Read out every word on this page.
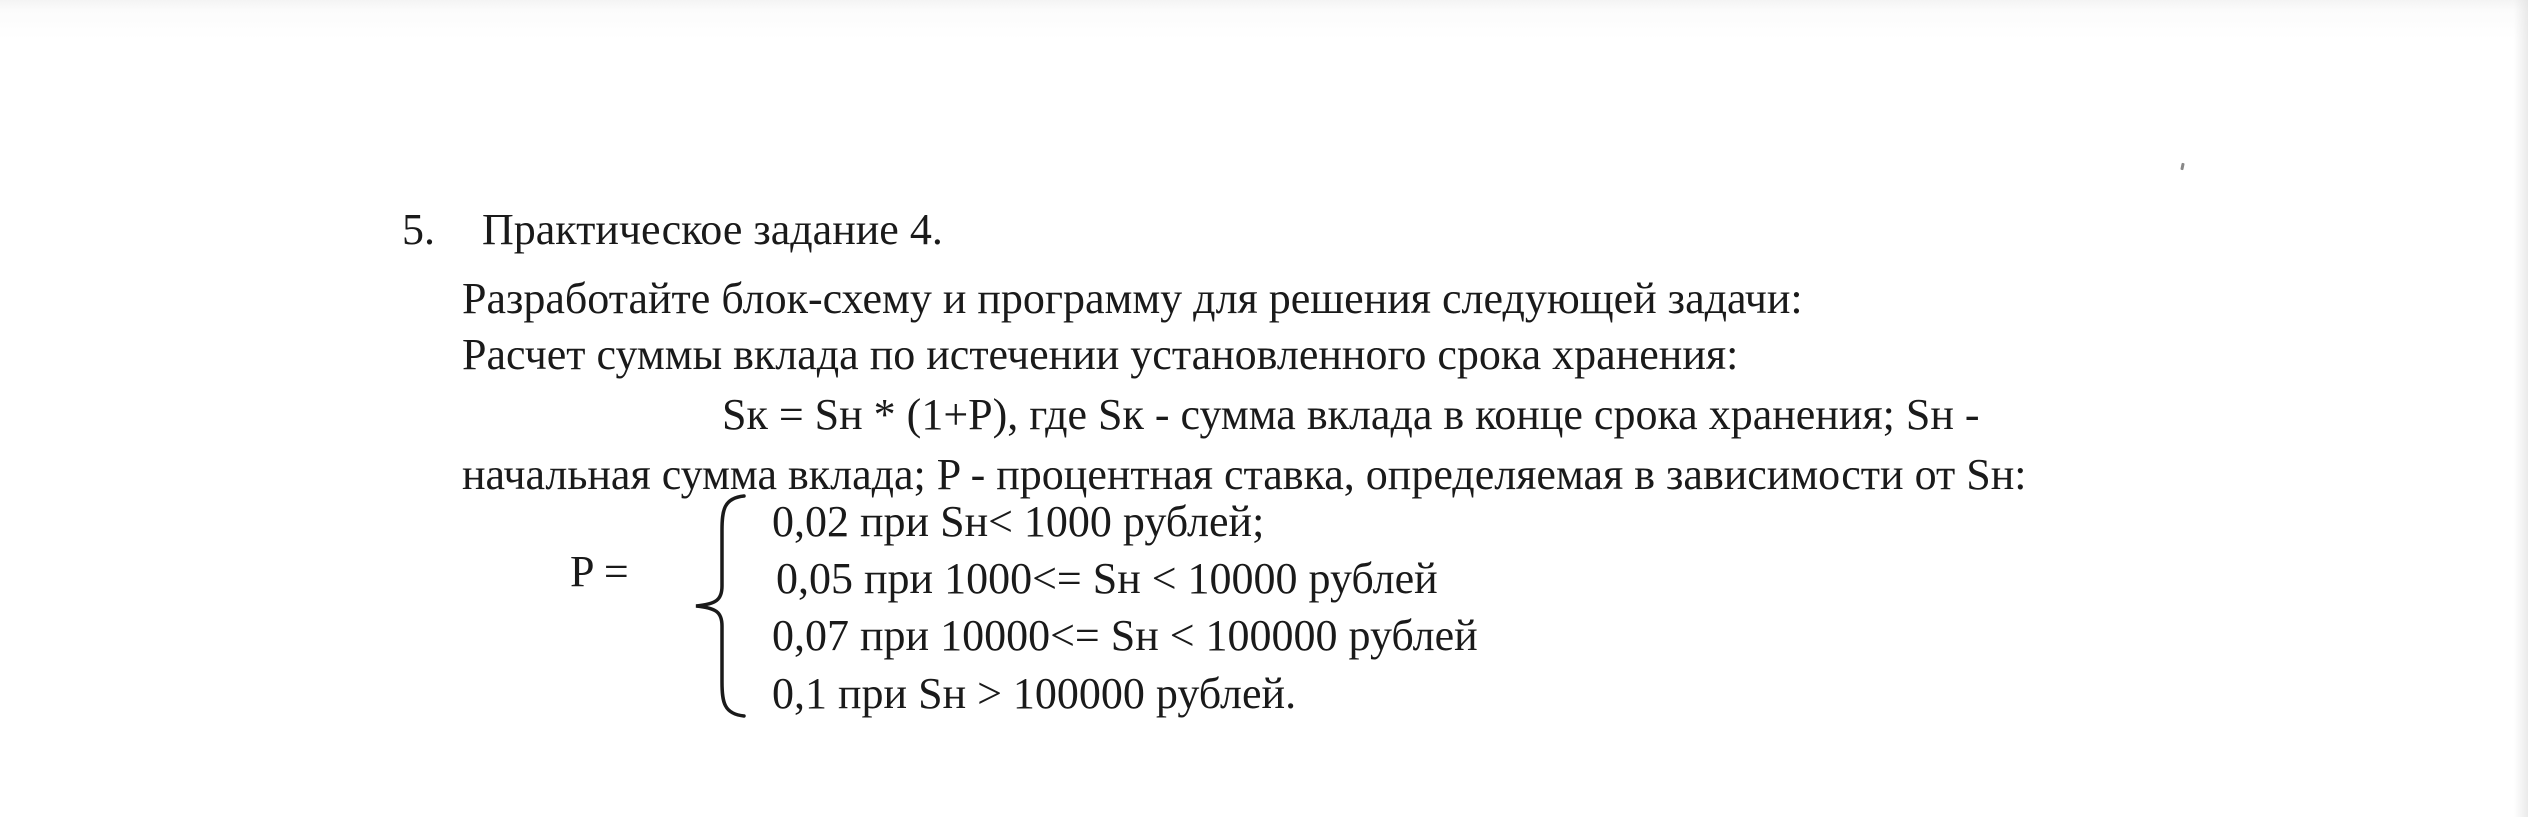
5. Практическое задание 4.
Разработайте блок-схему и программу для решения следующей задачи:
Расчет суммы вклада по истечении установленного срока хранения:
Sк = Sн * (1+P), где Sк - сумма вклада в конце срока хранения; Sн -
начальная сумма вклада; P - процентная ставка, определяемая в зависимости от Sн:
P =
0,02 при Sн< 1000 рублей;
0,05 при 1000<= Sн < 10000 рублей
0,07 при 10000<= Sн < 100000 рублей
0,1 при Sн > 100000 рублей.
